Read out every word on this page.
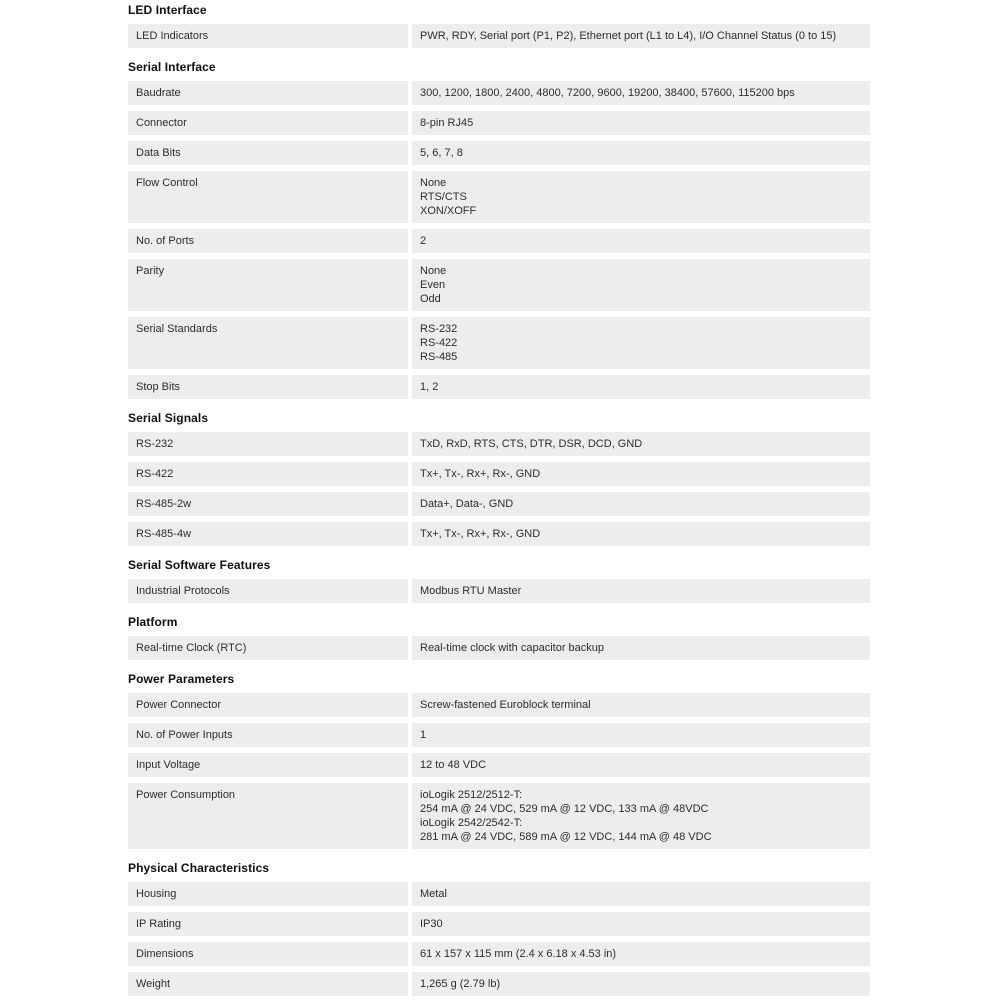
LED Interface
LED Indicators	PWR, RDY, Serial port (P1, P2), Ethernet port (L1 to L4), I/O Channel Status (0 to 15)
Serial Interface
Baudrate	300, 1200, 1800, 2400, 4800, 7200, 9600, 19200, 38400, 57600, 115200 bps
Connector	8-pin RJ45
Data Bits	5, 6, 7, 8
Flow Control	None
RTS/CTS
XON/XOFF
No. of Ports	2
Parity	None
Even
Odd
Serial Standards	RS-232
RS-422
RS-485
Stop Bits	1, 2
Serial Signals
RS-232	TxD, RxD, RTS, CTS, DTR, DSR, DCD, GND
RS-422	Tx+, Tx-, Rx+, Rx-, GND
RS-485-2w	Data+, Data-, GND
RS-485-4w	Tx+, Tx-, Rx+, Rx-, GND
Serial Software Features
Industrial Protocols	Modbus RTU Master
Platform
Real-time Clock (RTC)	Real-time clock with capacitor backup
Power Parameters
Power Connector	Screw-fastened Euroblock terminal
No. of Power Inputs	1
Input Voltage	12 to 48 VDC
Power Consumption	ioLogik 2512/2512-T:
254 mA @ 24 VDC, 529 mA @ 12 VDC, 133 mA @ 48VDC
ioLogik 2542/2542-T:
281 mA @ 24 VDC, 589 mA @ 12 VDC, 144 mA @ 48 VDC
Physical Characteristics
Housing	Metal
IP Rating	IP30
Dimensions	61 x 157 x 115 mm (2.4 x 6.18 x 4.53 in)
Weight	1,265 g (2.79 lb)
